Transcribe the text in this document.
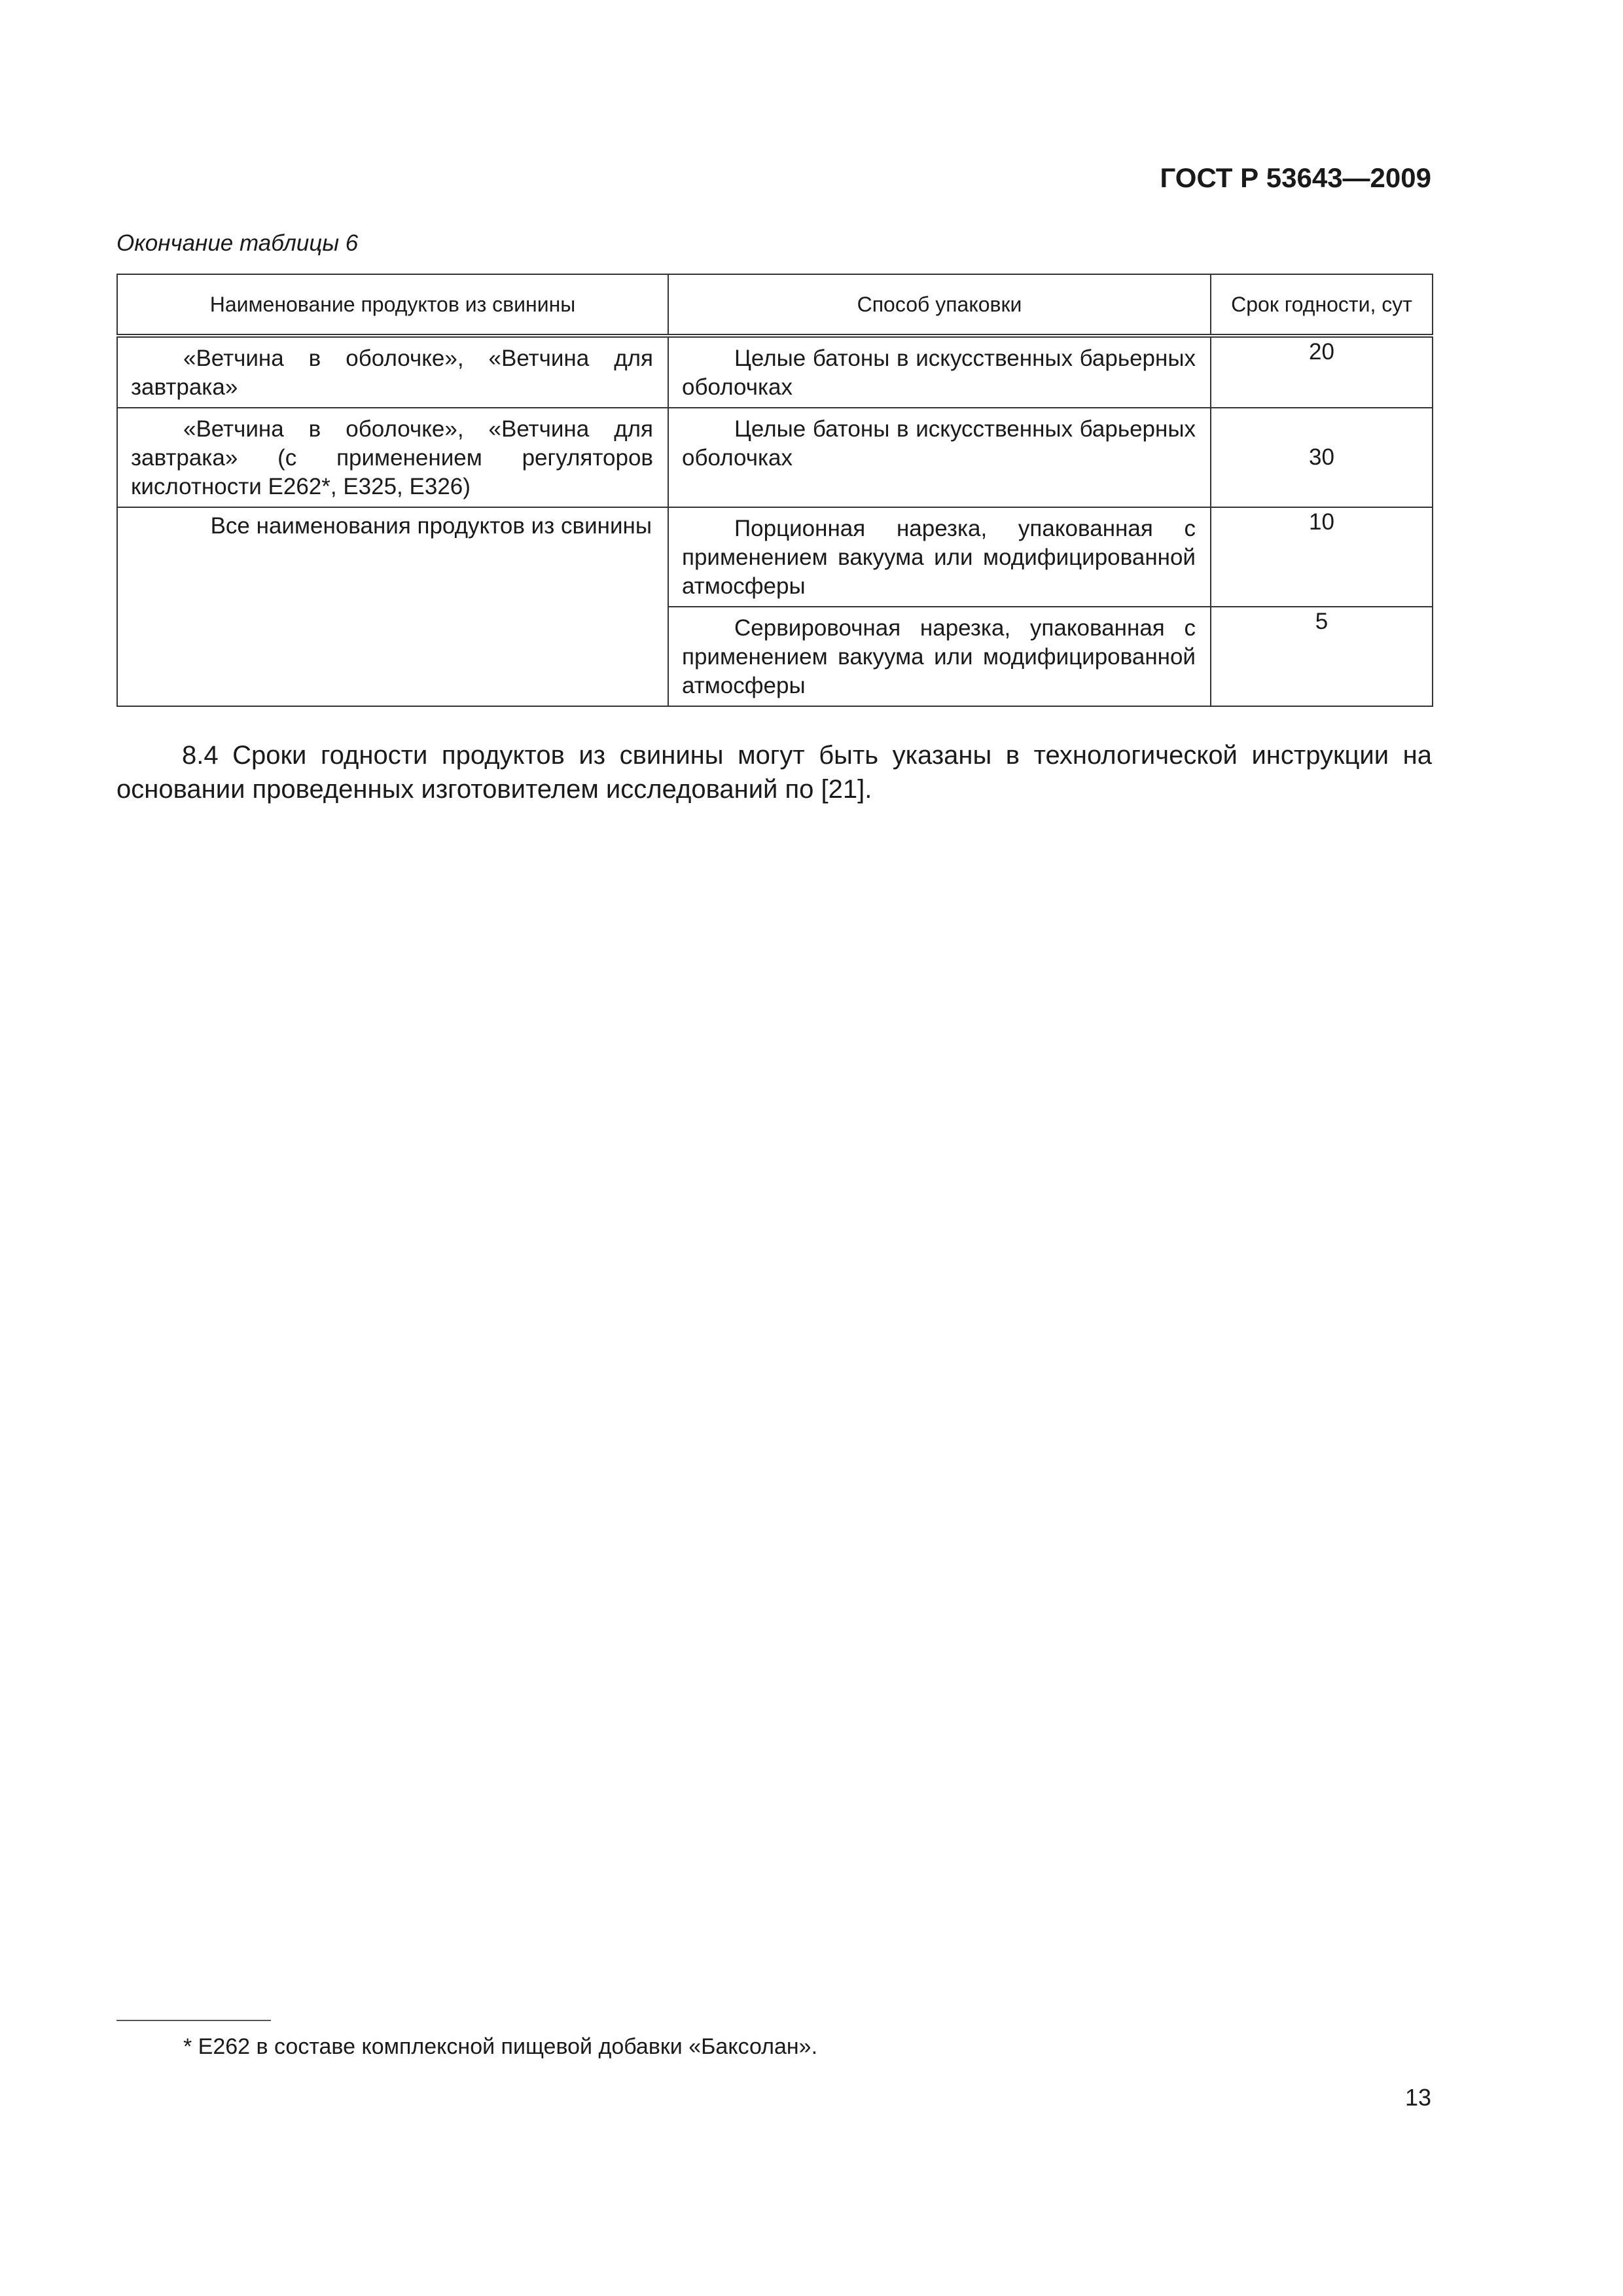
ГОСТ Р 53643—2009
Окончание таблицы 6
Наименование продуктов из свинины	Способ упаковки	Срок годности, сут

«Ветчина в оболочке», «Ветчина для завтрака»	Целые батоны в искусственных барьерных оболочках	20

«Ветчина в оболочке», «Ветчина для завтрака» (с применением регуляторов кислотности Е262*, Е325, Е326)	Целые батоны в искусственных барьерных оболочках	30

Все наименования продуктов из свинины	Порционная нарезка, упакованная с применением вакуума или модифицированной атмосферы	10

	Сервировочная нарезка, упакованная с применением вакуума или модифицированной атмосферы	5
8.4 Сроки годности продуктов из свинины могут быть указаны в технологической инструкции на основании проведенных изготовителем исследований по [21].
* Е262 в составе комплексной пищевой добавки «Баксолан».
13
